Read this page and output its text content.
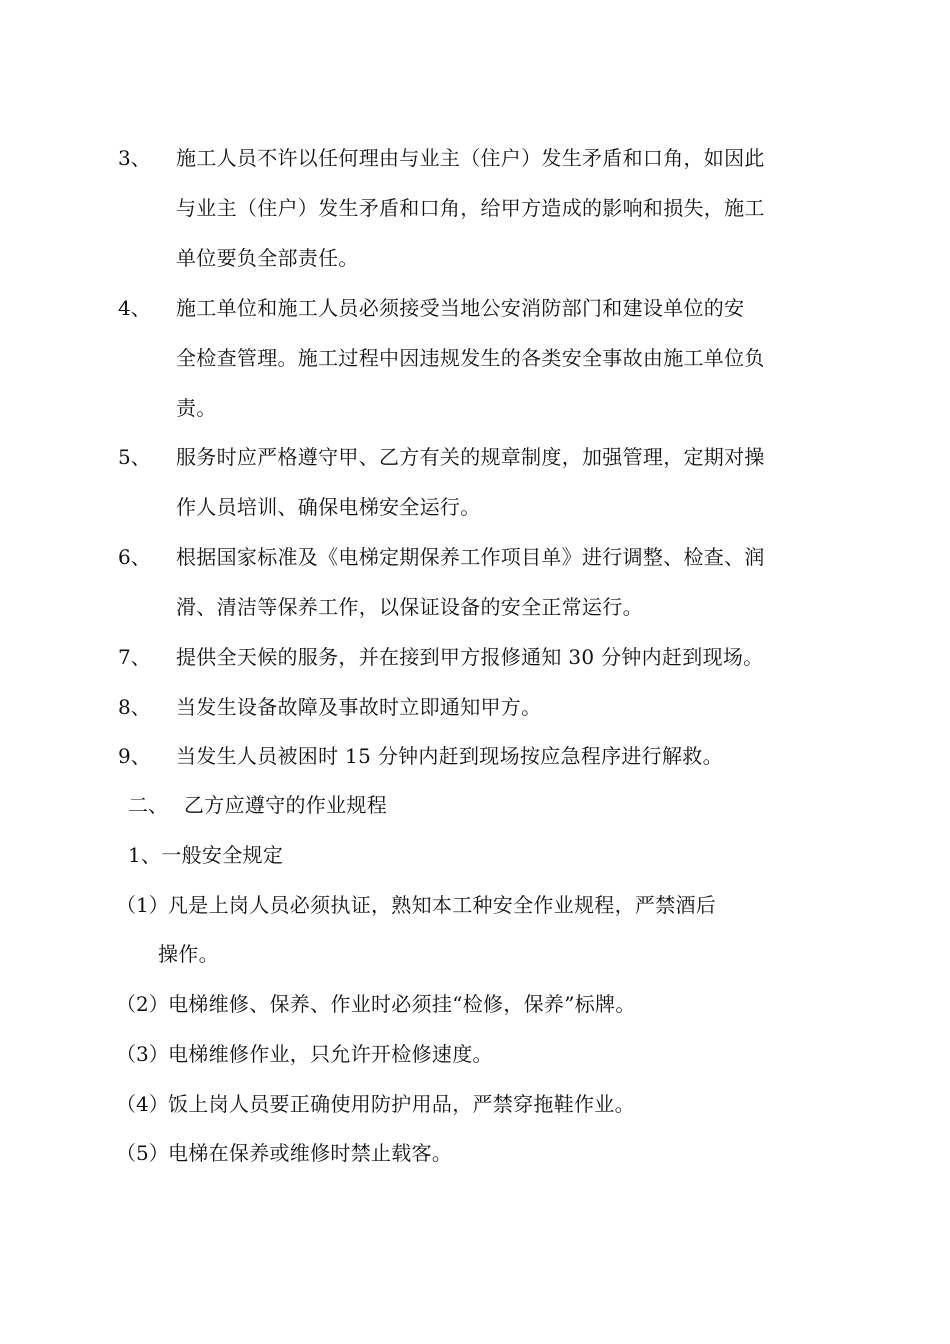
3、 施工人员不许以任何理由与业主（住户）发生矛盾和口角，如因此
与业主（住户）发生矛盾和口角，给甲方造成的影响和损失，施工
单位要负全部责任。
4、 施工单位和施工人员必须接受当地公安消防部门和建设单位的安
全检查管理。施工过程中因违规发生的各类安全事故由施工单位负
责。
5、 服务时应严格遵守甲、乙方有关的规章制度，加强管理，定期对操
作人员培训、确保电梯安全运行。
6、 根据国家标准及《电梯定期保养工作项目单》进行调整、检查、润
滑、清洁等保养工作，以保证设备的安全正常运行。
7、 提供全天候的服务，并在接到甲方报修通知 30 分钟内赶到现场。
8、 当发生设备故障及事故时立即通知甲方。
9、 当发生人员被困时 15 分钟内赶到现场按应急程序进行解救。
二、 乙方应遵守的作业规程
1、一般安全规定
（1） 凡是上岗人员必须执证，熟知本工种安全作业规程，严禁酒后
操作。
（2） 电梯维修、保养、作业时必须挂“检修，保养”标牌。
（3） 电梯维修作业，只允许开检修速度。
（4） 饭上岗人员要正确使用防护用品，严禁穿拖鞋作业。
（5） 电梯在保养或维修时禁止载客。
